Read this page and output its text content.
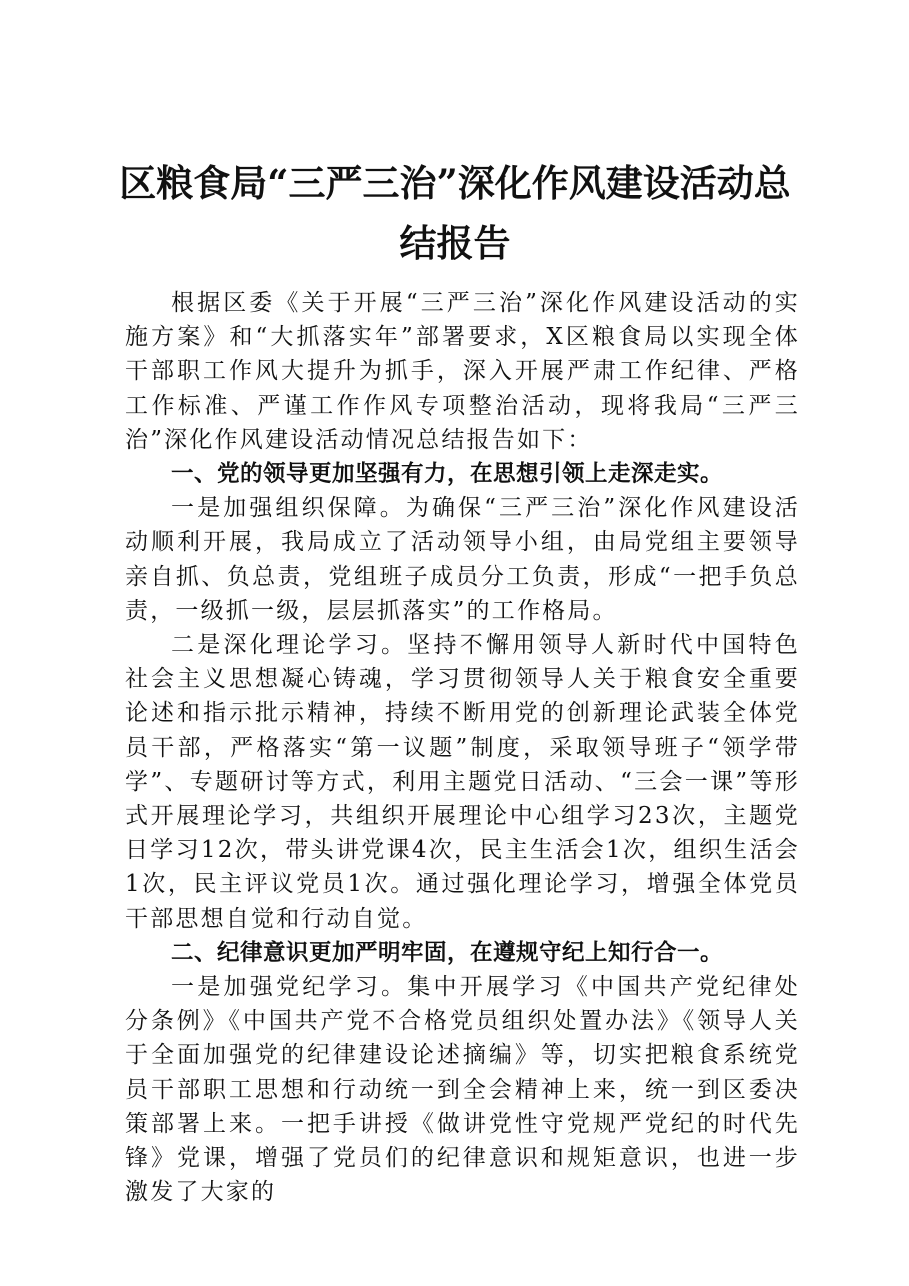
区粮食局“三严三治”深化作风建设活动总结报告

根据区委《关于开展“三严三治”深化作风建设活动的实施方案》和“大抓落实年”部署要求，X区粮食局以实现全体干部职工作风大提升为抓手，深入开展严肃工作纪律、严格工作标准、严谨工作作风专项整治活动，现将我局“三严三治”深化作风建设活动情况总结报告如下：

一、党的领导更加坚强有力，在思想引领上走深走实。

一是加强组织保障。为确保“三严三治”深化作风建设活动顺利开展，我局成立了活动领导小组，由局党组主要领导亲自抓、负总责，党组班子成员分工负责，形成“一把手负总责，一级抓一级，层层抓落实”的工作格局。

二是深化理论学习。坚持不懈用领导人新时代中国特色社会主义思想凝心铸魂，学习贯彻领导人关于粮食安全重要论述和指示批示精神，持续不断用党的创新理论武装全体党员干部，严格落实“第一议题”制度，采取领导班子“领学带学”、专题研讨等方式，利用主题党日活动、“三会一课”等形式开展理论学习，共组织开展理论中心组学习23次，主题党日学习12次，带头讲党课4次，民主生活会1次，组织生活会1次，民主评议党员1次。通过强化理论学习，增强全体党员干部思想自觉和行动自觉。

二、纪律意识更加严明牢固，在遵规守纪上知行合一。

一是加强党纪学习。集中开展学习《中国共产党纪律处分条例》《中国共产党不合格党员组织处置办法》《领导人关于全面加强党的纪律建设论述摘编》等，切实把粮食系统党员干部职工思想和行动统一到全会精神上来，统一到区委决策部署上来。一把手讲授《做讲党性守党规严党纪的时代先锋》党课，增强了党员们的纪律意识和规矩意识，也进一步激发了大家的
